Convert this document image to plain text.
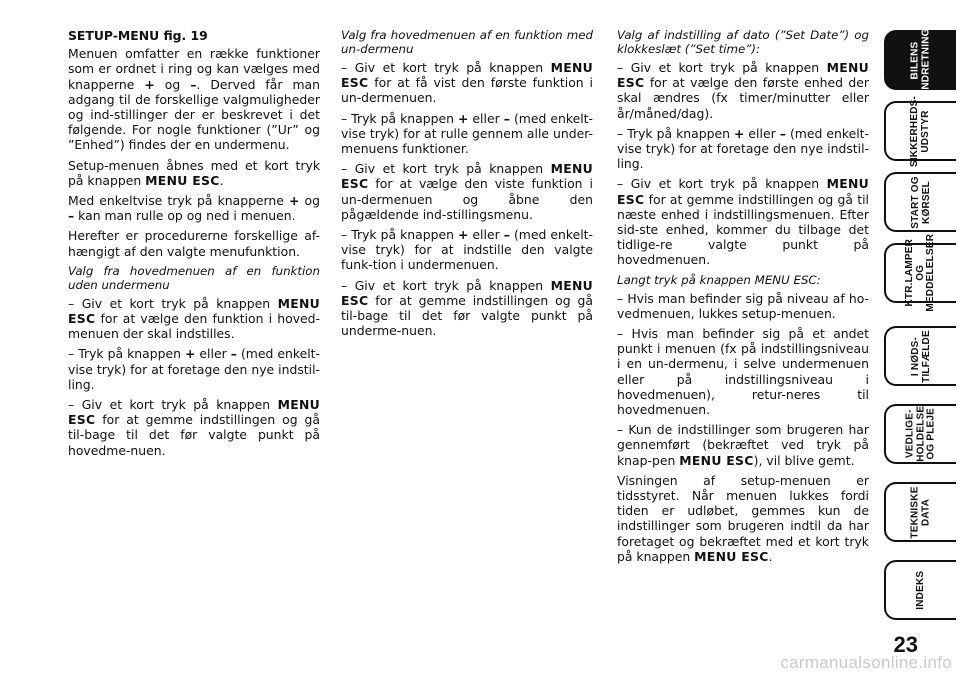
SETUP-MENU fig. 19

Menuen omfatter en række funktioner som er ordnet i ring og kan vælges med knapperne + og –. Derved får man adgang til de forskellige valgmuligheder og ind-stillinger der er beskrevet i det følgende. For nogle funktioner (”Ur” og ”Enhed”) findes der en undermenu.

Setup-menuen åbnes med et kort tryk på knappen MENU ESC.

Med enkeltvise tryk på knapperne + og – kan man rulle op og ned i menuen.

Herefter er procedurerne forskellige af-hængigt af den valgte menufunktion.

Valg fra hovedmenuen af en funktion uden undermenu

– Giv et kort tryk på knappen MENU ESC for at vælge den funktion i hoved-menuen der skal indstilles.

– Tryk på knappen + eller – (med enkelt-vise tryk) for at foretage den nye indstil-ling.

– Giv et kort tryk på knappen MENU ESC for at gemme indstillingen og gå til-bage til det før valgte punkt på hovedme-nuen.

Valg fra hovedmenuen af en funktion med un-dermenu

– Giv et kort tryk på knappen MENU ESC for at få vist den første funktion i un-dermenuen.

– Tryk på knappen + eller – (med enkelt-vise tryk) for at rulle gennem alle under-menuens funktioner.

– Giv et kort tryk på knappen MENU ESC for at vælge den viste funktion i un-dermenuen og åbne den pågældende ind-stillingsmenu.

– Tryk på knappen + eller – (med enkelt-vise tryk) for at indstille den valgte funk-tion i undermenuen.

– Giv et kort tryk på knappen MENU ESC for at gemme indstillingen og gå til-bage til det før valgte punkt på underme-nuen.

Valg af indstilling af dato (”Set Date”) og klokkeslæt (”Set time”):

– Giv et kort tryk på knappen MENU ESC for at vælge den første enhed der skal ændres (fx timer/minutter eller år/måned/dag).

– Tryk på knappen + eller – (med enkelt-vise tryk) for at foretage den nye indstil-ling.

– Giv et kort tryk på knappen MENU ESC for at gemme indstillingen og gå til næste enhed i indstillingsmenuen. Efter sid-ste enhed, kommer du tilbage det tidlige-re valgte punkt på hovedmenuen.

Langt tryk på knappen MENU ESC:

– Hvis man befinder sig på niveau af ho-vedmenuen, lukkes setup-menuen.

– Hvis man befinder sig på et andet punkt i menuen (fx på indstillingsniveau i en un-dermenu, i selve undermenuen eller på indstillingsniveau i hovedmenuen), retur-neres til hovedmenuen.

– Kun de indstillinger som brugeren har gennemført (bekræftet ved tryk på knap-pen MENU ESC), vil blive gemt.

Visningen af setup-menuen er tidsstyret. Når menuen lukkes fordi tiden er udløbet, gemmes kun de indstillinger som brugeren indtil da har foretaget og bekræftet med et kort tryk på knappen MENU ESC.

BILENS
INDRETNING
SIKKERHEDS-
UDSTYR
START OG
KØRSEL
KTR.LAMPER
OG
MEDDELELSER
I NØDS-
TILFÆLDE
VEDLIGE-
HOLDELSE
OG PLEJE
TEKNISKE
DATA
INDEKS
23
carmanualsonline.info
